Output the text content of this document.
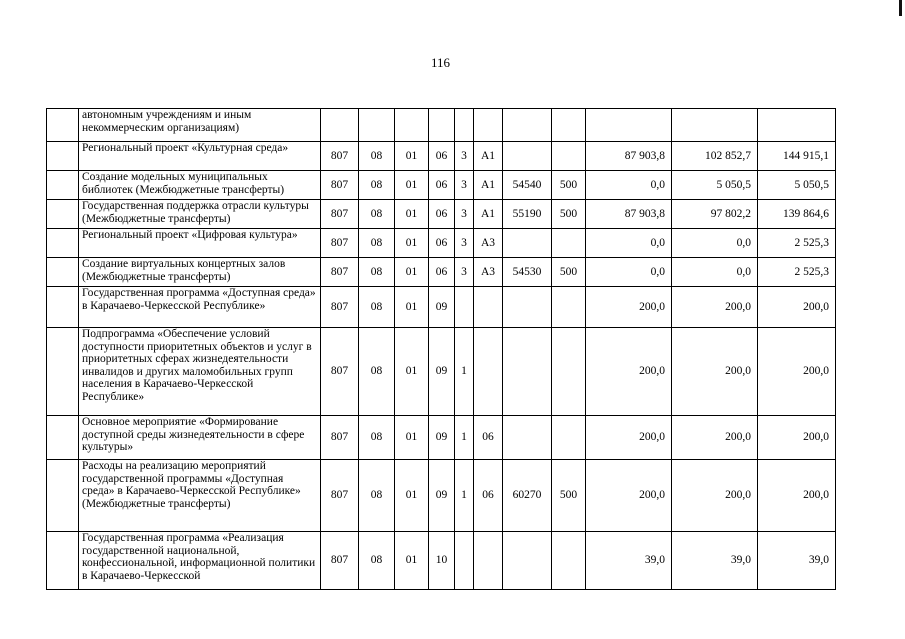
116
	автономным учреждениям и иным некоммерческим организациям)											
	Региональный проект «Культурная среда»	807	08	01	06	3	A1			87 903,8	102 852,7	144 915,1
	Создание модельных муниципальных библиотек (Межбюджетные трансферты)	807	08	01	06	3	A1	54540	500	0,0	5 050,5	5 050,5
	Государственная поддержка отрасли культуры (Межбюджетные трансферты)	807	08	01	06	3	A1	55190	500	87 903,8	97 802,2	139 864,6
	Региональный проект «Цифровая культура»	807	08	01	06	3	A3			0,0	0,0	2 525,3
	Создание виртуальных концертных залов (Межбюджетные трансферты)	807	08	01	06	3	A3	54530	500	0,0	0,0	2 525,3
	Государственная программа «Доступная среда» в Карачаево-Черкесской Республике»	807	08	01	09					200,0	200,0	200,0
	Подпрограмма «Обеспечение условий доступности приоритетных объектов и услуг в приоритетных сферах жизнедеятельности инвалидов и других маломобильных групп населения в Карачаево-Черкесской Республике»	807	08	01	09	1				200,0	200,0	200,0
	Основное мероприятие «Формирование доступной среды жизнедеятельности в сфере культуры»	807	08	01	09	1	06			200,0	200,0	200,0
	Расходы на реализацию мероприятий государственной программы «Доступная среда» в Карачаево-Черкесской Республике» (Межбюджетные трансферты)	807	08	01	09	1	06	60270	500	200,0	200,0	200,0
	Государственная программа «Реализация государственной национальной, конфессиональной, информационной политики в Карачаево-Черкесской	807	08	01	10					39,0	39,0	39,0
